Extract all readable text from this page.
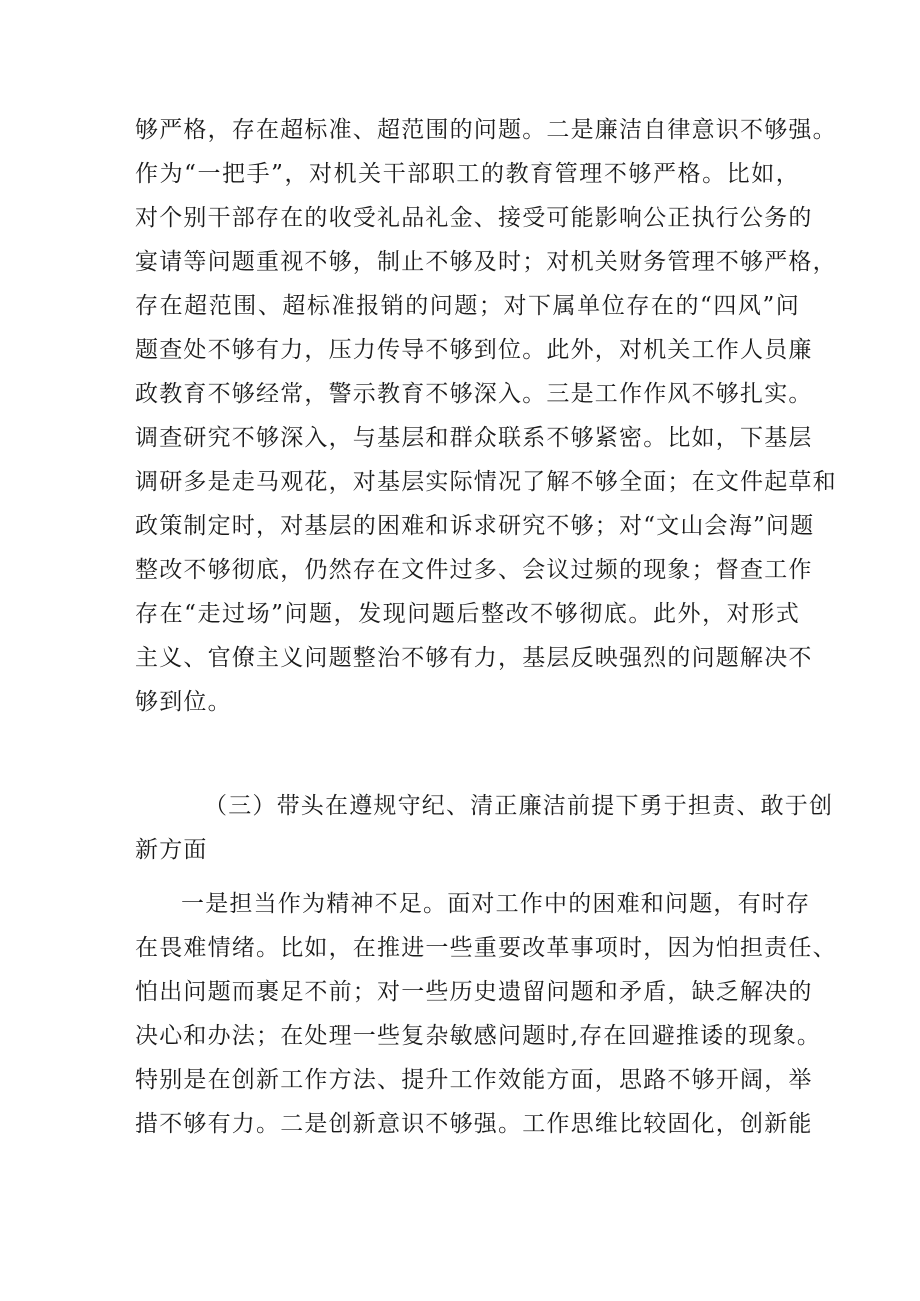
够严格，存在超标准、超范围的问题。二是廉洁自律意识不够强。
作为“一把手”，对机关干部职工的教育管理不够严格。比如，
对个别干部存在的收受礼品礼金、接受可能影响公正执行公务的
宴请等问题重视不够，制止不够及时；对机关财务管理不够严格，
存在超范围、超标准报销的问题；对下属单位存在的“四风”问
题查处不够有力，压力传导不够到位。此外，对机关工作人员廉
政教育不够经常，警示教育不够深入。三是工作作风不够扎实。
调查研究不够深入，与基层和群众联系不够紧密。比如，下基层
调研多是走马观花，对基层实际情况了解不够全面；在文件起草和
政策制定时，对基层的困难和诉求研究不够；对“文山会海”问题
整改不够彻底，仍然存在文件过多、会议过频的现象；督查工作
存在“走过场”问题，发现问题后整改不够彻底。此外，对形式
主义、官僚主义问题整治不够有力，基层反映强烈的问题解决不
够到位。
（三）带头在遵规守纪、清正廉洁前提下勇于担责、敢于创
新方面
一是担当作为精神不足。面对工作中的困难和问题，有时存
在畏难情绪。比如，在推进一些重要改革事项时，因为怕担责任、
怕出问题而裹足不前；对一些历史遗留问题和矛盾，缺乏解决的
决心和办法；在处理一些复杂敏感问题时,存在回避推诿的现象。
特别是在创新工作方法、提升工作效能方面，思路不够开阔，举
措不够有力。二是创新意识不够强。工作思维比较固化，创新能
